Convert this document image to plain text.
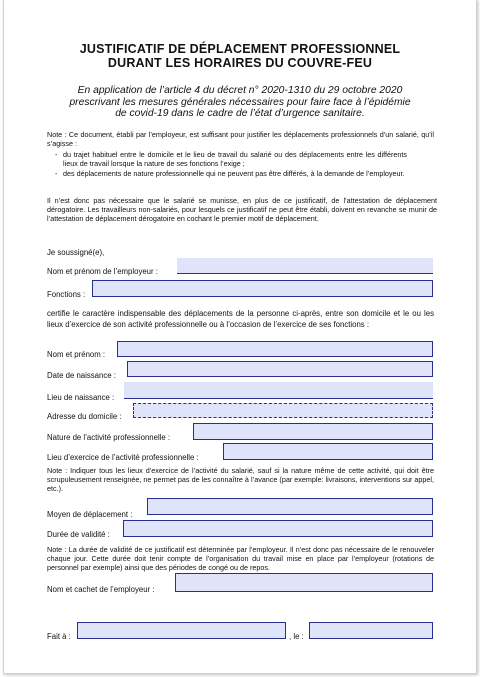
JUSTIFICATIF DE DÉPLACEMENT PROFESSIONNEL
DURANT LES HORAIRES DU COUVRE-FEU
En application de l’article 4 du décret n° 2020-1310 du 29 octobre 2020
prescrivant les mesures générales nécessaires pour faire face à l’épidémie
de covid-19 dans le cadre de l’état d’urgence sanitaire.
Note : Ce document, établi par l’employeur, est suffisant pour justifier les déplacements professionnels d’un salarié, qu’il s’agisse :
- du trajet habituel entre le domicile et le lieu de travail du salarié ou des déplacements entre les différents lieux de travail lorsque la nature de ses fonctions l’exige ;
- des déplacements de nature professionnelle qui ne peuvent pas être différés, à la demande de l’employeur.
Il n’est donc pas nécessaire que le salarié se munisse, en plus de ce justificatif, de l’attestation de déplacement dérogatoire. Les travailleurs non-salariés, pour lesquels ce justificatif ne peut être établi, doivent en revanche se munir de l’attestation de déplacement dérogatoire en cochant le premier motif de déplacement.
Je soussigné(e),
Nom et prénom de l’employeur :
Fonctions :
certifie le caractère indispensable des déplacements de la personne ci-après, entre son domicile et le ou les lieux d’exercice de son activité professionnelle ou à l’occasion de l’exercice de ses fonctions :
Nom et prénom :
Date de naissance :
Lieu de naissance :
Adresse du domicile :
Nature de l’activité professionnelle :
Lieu d’exercice de l’activité professionnelle :
Note : Indiquer tous les lieux d’exercice de l’activité du salarié, sauf si la nature même de cette activité, qui doit être scrupuleusement renseignée, ne permet pas de les connaître à l’avance (par exemple: livraisons, interventions sur appel, etc.).
Moyen de déplacement :
Durée de validité :
Note : La durée de validité de ce justificatif est déterminée par l’employeur. Il n’est donc pas nécessaire de le renouveler chaque jour. Cette durée doit tenir compte de l’organisation du travail mise en place par l’employeur (rotations de personnel par exemple) ainsi que des périodes de congé ou de repos.
Nom et cachet de l’employeur :
Fait à :	, le :
